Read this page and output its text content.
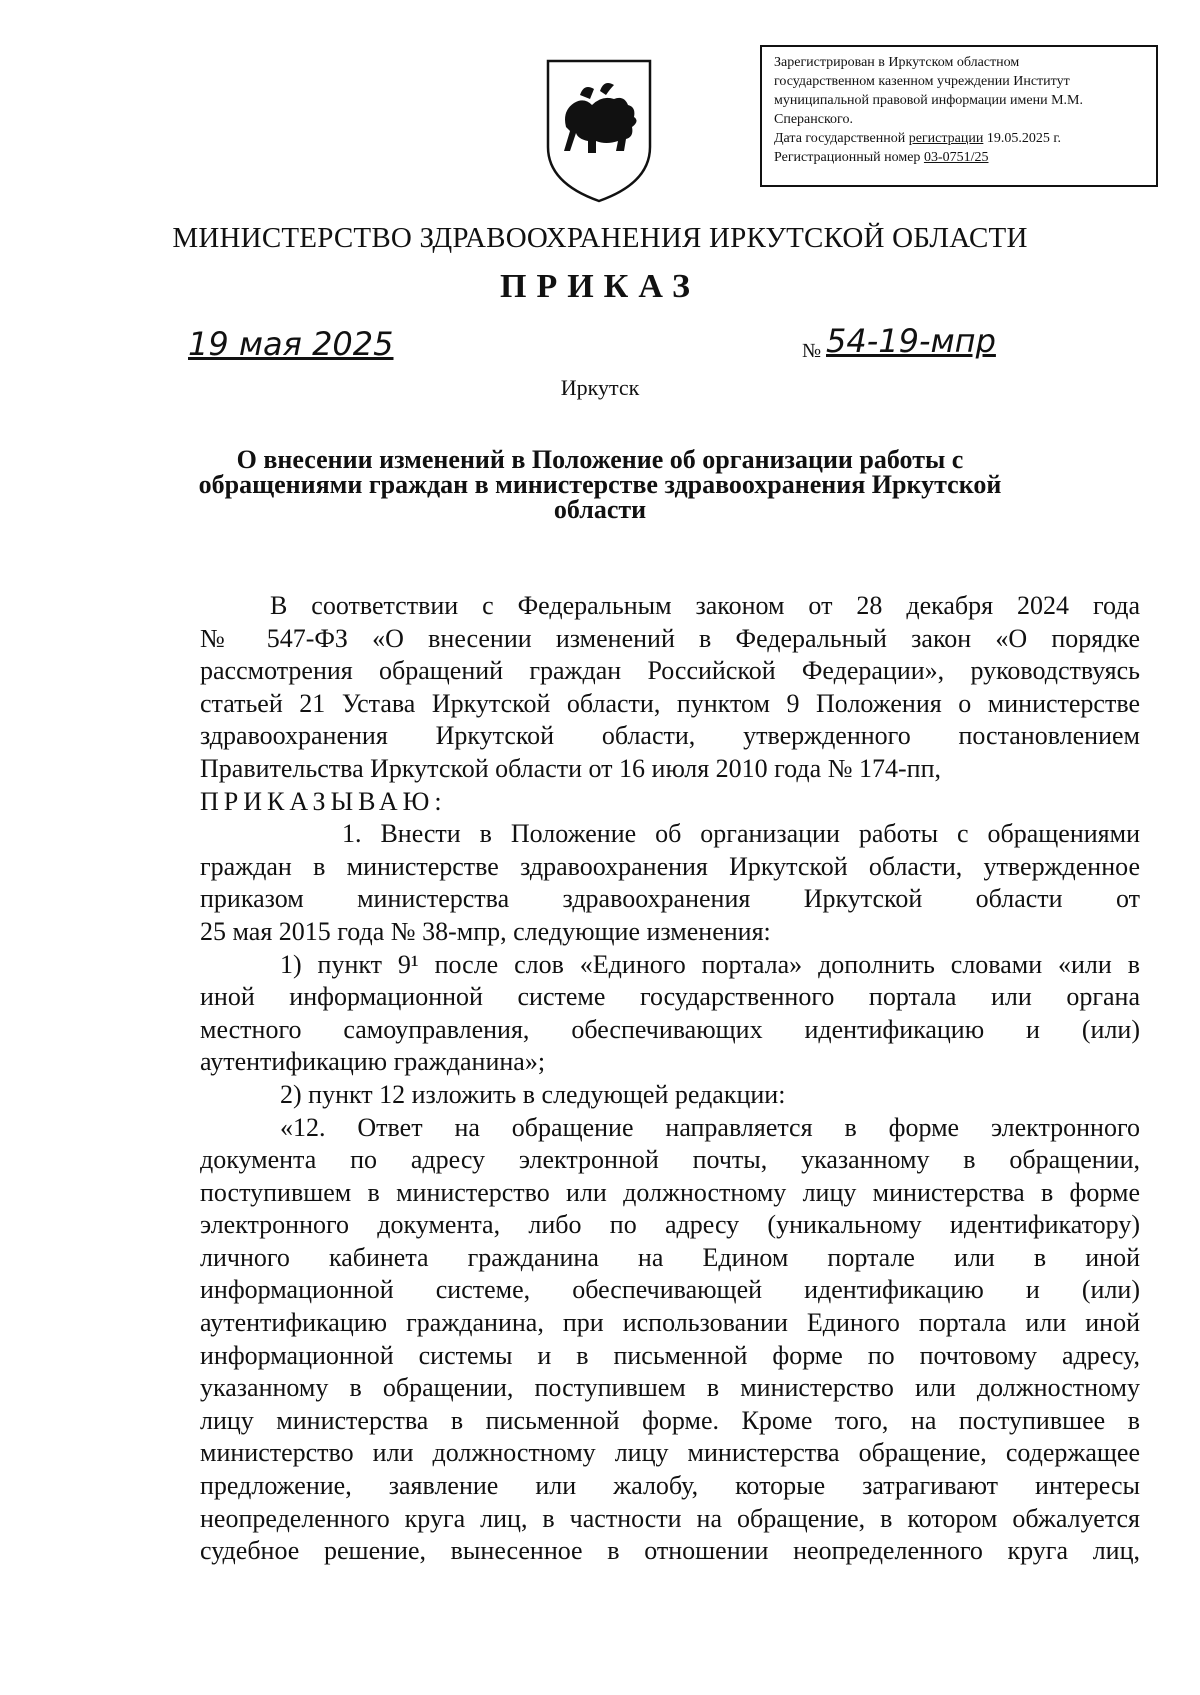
Зарегистрирован в Иркутском областном
государственном казенном учреждении Институт
муниципальной правовой информации имени М.М.
Сперанского.
Дата государственной регистрации 19.05.2025 г.
Регистрационный номер 03-0751/25
МИНИСТЕРСТВО ЗДРАВООХРАНЕНИЯ ИРКУТСКОЙ ОБЛАСТИ
ПРИКАЗ
19 мая 2025	№ 54-19-мпр
Иркутск
О внесении изменений в Положение об организации работы с обращениями граждан в министерстве здравоохранения Иркутской области
В соответствии с Федеральным законом от 28 декабря 2024 года
№ 547-ФЗ «О внесении изменений в Федеральный закон «О порядке
рассмотрения обращений граждан Российской Федерации», руководствуясь
статьей 21 Устава Иркутской области, пунктом 9 Положения о министерстве
здравоохранения Иркутской области, утвержденного постановлением
Правительства Иркутской области от 16 июля 2010 года № 174-пп,
ПРИКАЗЫВАЮ:
1. Внести в Положение об организации работы с обращениями
граждан в министерстве здравоохранения Иркутской области, утвержденное
приказом министерства здравоохранения Иркутской области от
25 мая 2015 года № 38-мпр, следующие изменения:
1) пункт 9¹ после слов «Единого портала» дополнить словами «или в
иной информационной системе государственного портала или органа
местного самоуправления, обеспечивающих идентификацию и (или)
аутентификацию гражданина»;
2) пункт 12 изложить в следующей редакции:
«12. Ответ на обращение направляется в форме электронного
документа по адресу электронной почты, указанному в обращении,
поступившем в министерство или должностному лицу министерства в форме
электронного документа, либо по адресу (уникальному идентификатору)
личного кабинета гражданина на Едином портале или в иной
информационной системе, обеспечивающей идентификацию и (или)
аутентификацию гражданина, при использовании Единого портала или иной
информационной системы и в письменной форме по почтовому адресу,
указанному в обращении, поступившем в министерство или должностному
лицу министерства в письменной форме. Кроме того, на поступившее в
министерство или должностному лицу министерства обращение, содержащее
предложение, заявление или жалобу, которые затрагивают интересы
неопределенного круга лиц, в частности на обращение, в котором обжалуется
судебное решение, вынесенное в отношении неопределенного круга лиц,
